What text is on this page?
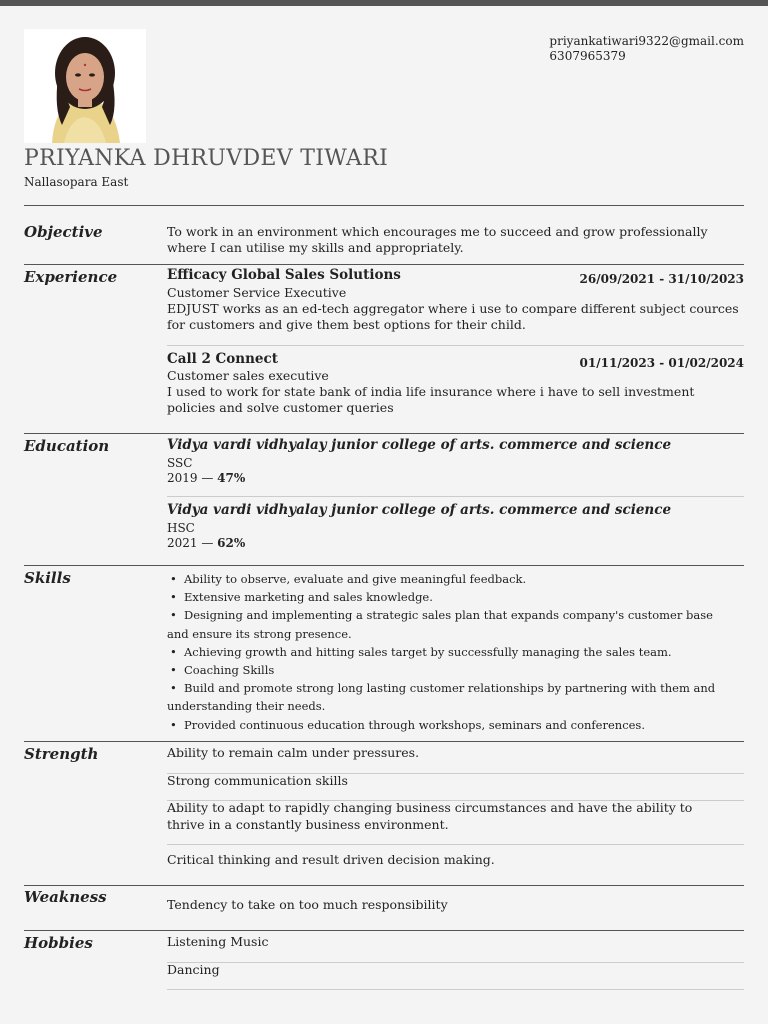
priyankatiwari9322@gmail.com
6307965379
PRIYANKA DHRUVDEV TIWARI
Nallasopara East
Objective	To work in an environment which encourages me to succeed and grow professionally
where I can utilise my skills and appropriately.
Experience	Efficacy Global Sales Solutions	26/09/2021 - 31/10/2023
Customer Service Executive
EDJUST works as an ed-tech aggregator where i use to compare different subject cources
for customers and give them best options for their child.
Call 2 Connect	01/11/2023 - 01/02/2024
Customer sales executive
I used to work for state bank of india life insurance where i have to sell investment
policies and solve customer queries
Education	Vidya vardi vidhyalay junior college of arts. commerce and science
SSC
2019 — 47%
Vidya vardi vidhyalay junior college of arts. commerce and science
HSC
2021 — 62%
Skills	• Ability to observe, evaluate and give meaningful feedback.
• Extensive marketing and sales knowledge.
• Designing and implementing a strategic sales plan that expands company's customer base and ensure its strong presence.
• Achieving growth and hitting sales target by successfully managing the sales team.
• Coaching Skills
• Build and promote strong long lasting customer relationships by partnering with them and understanding their needs.
• Provided continuous education through workshops, seminars and conferences.
Strength	Ability to remain calm under pressures.
Strong communication skills
Ability to adapt to rapidly changing business circumstances and have the ability to
thrive in a constantly business environment.
Critical thinking and result driven decision making.
Weakness	Tendency to take on too much responsibility
Hobbies	Listening Music
Dancing
